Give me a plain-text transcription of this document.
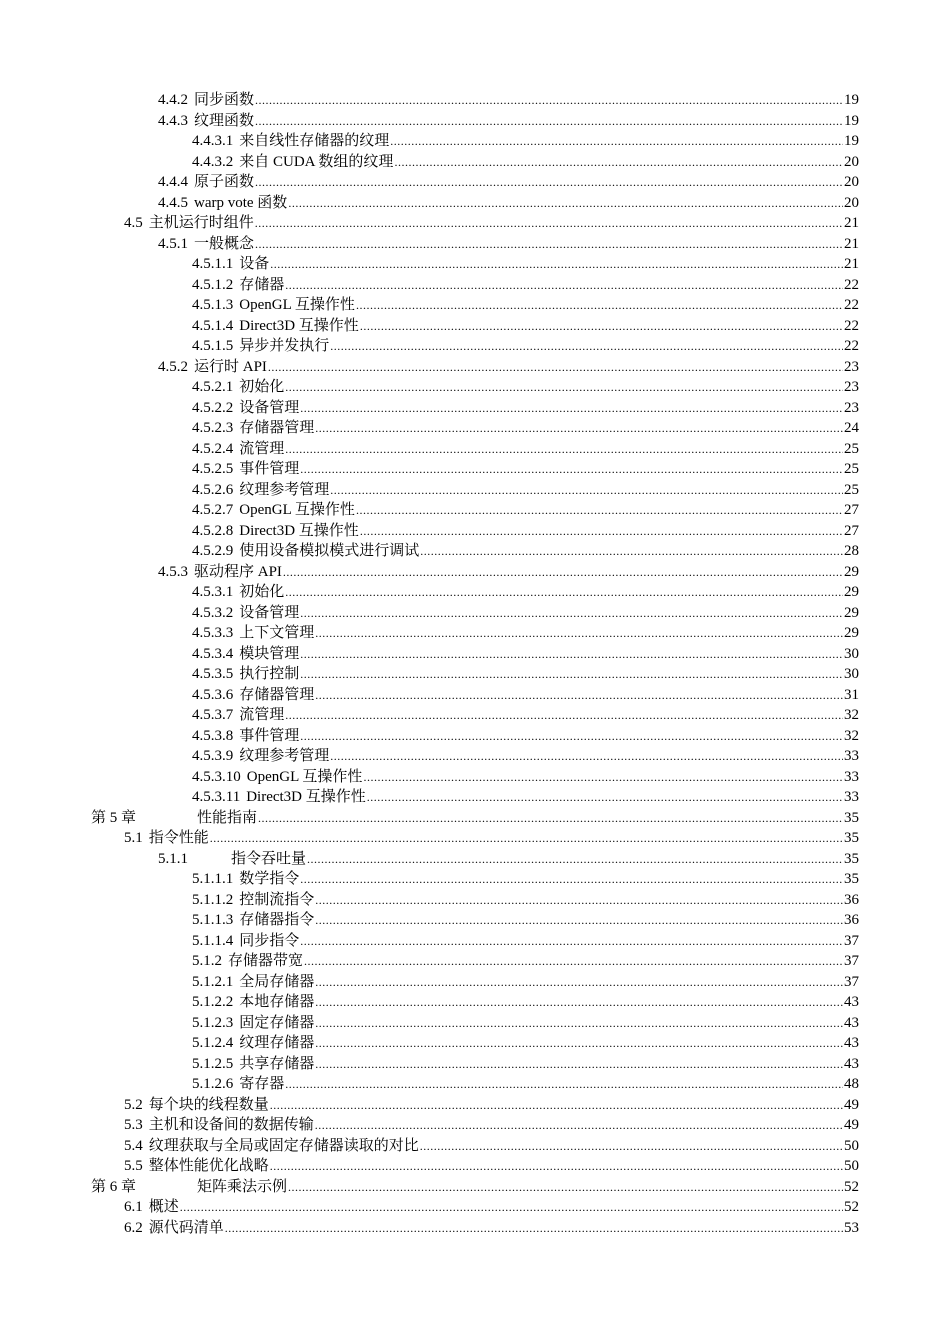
4.4.2 同步函数 .....	19
4.4.3 纹理函数 .....	19
4.4.3.1 来自线性存储器的纹理 .....	19
4.4.3.2 来自 CUDA 数组的纹理 .....	20
4.4.4 原子函数 .....	20
4.4.5 warp vote 函数 .....	20
4.5 主机运行时组件 .....	21
4.5.1 一般概念 .....	21
4.5.1.1 设备 .....	21
4.5.1.2 存储器 .....	22
4.5.1.3 OpenGL 互操作性 .....	22
4.5.1.4 Direct3D 互操作性 .....	22
4.5.1.5 异步并发执行 .....	22
4.5.2 运行时 API .....	23
4.5.2.1 初始化 .....	23
4.5.2.2 设备管理 .....	23
4.5.2.3 存储器管理 .....	24
4.5.2.4 流管理 .....	25
4.5.2.5 事件管理 .....	25
4.5.2.6 纹理参考管理 .....	25
4.5.2.7 OpenGL 互操作性 .....	27
4.5.2.8 Direct3D 互操作性 .....	27
4.5.2.9 使用设备模拟模式进行调试 .....	28
4.5.3 驱动程序 API .....	29
4.5.3.1 初始化 .....	29
4.5.3.2 设备管理 .....	29
4.5.3.3 上下文管理 .....	29
4.5.3.4 模块管理 .....	30
4.5.3.5 执行控制 .....	30
4.5.3.6 存储器管理 .....	31
4.5.3.7 流管理 .....	32
4.5.3.8 事件管理 .....	32
4.5.3.9 纹理参考管理 .....	33
4.5.3.10 OpenGL 互操作性 .....	33
4.5.3.11 Direct3D 互操作性 .....	33
第 5 章	性能指南 .....	35
5.1 指令性能 .....	35
5.1.1	指令吞吐量 .....	35
5.1.1.1 数学指令 .....	35
5.1.1.2 控制流指令 .....	36
5.1.1.3 存储器指令 .....	36
5.1.1.4 同步指令 .....	37
5.1.2 存储器带宽 .....	37
5.1.2.1 全局存储器 .....	37
5.1.2.2 本地存储器 .....	43
5.1.2.3 固定存储器 .....	43
5.1.2.4 纹理存储器 .....	43
5.1.2.5 共享存储器 .....	43
5.1.2.6 寄存器 .....	48
5.2 每个块的线程数量 .....	49
5.3 主机和设备间的数据传输 .....	49
5.4 纹理获取与全局或固定存储器读取的对比 .....	50
5.5 整体性能优化战略 .....	50
第 6 章	矩阵乘法示例 .....	52
6.1 概述 .....	52
6.2 源代码清单 .....	53
